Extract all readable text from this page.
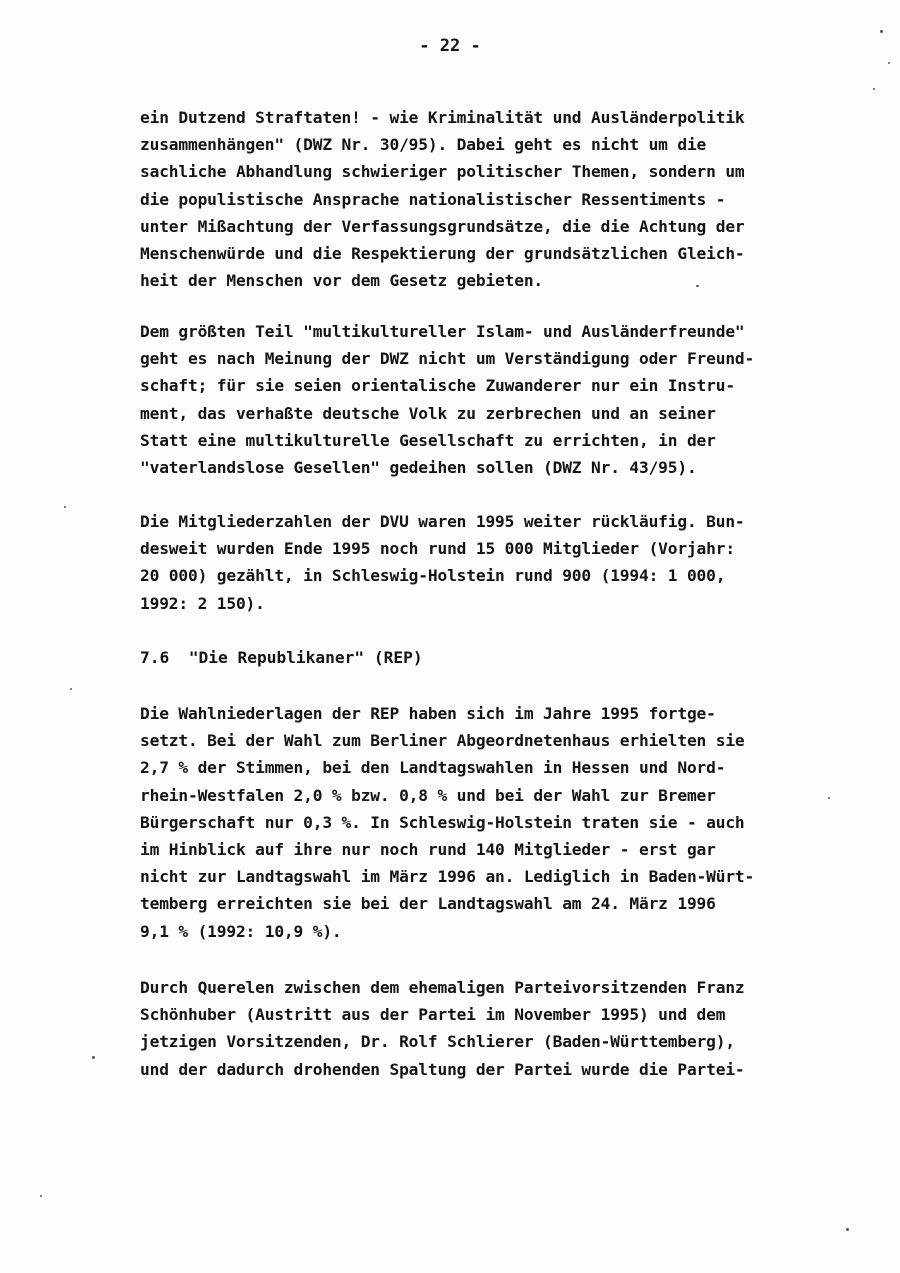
- 22 -
ein Dutzend Straftaten! - wie Kriminalität und Ausländerpolitik
zusammenhängen" (DWZ Nr. 30/95). Dabei geht es nicht um die
sachliche Abhandlung schwieriger politischer Themen, sondern um
die populistische Ansprache nationalistischer Ressentiments -
unter Mißachtung der Verfassungsgrundsätze, die die Achtung der
Menschenwürde und die Respektierung der grundsätzlichen Gleich-
heit der Menschen vor dem Gesetz gebieten.
Dem größten Teil "multikultureller Islam- und Ausländerfreunde"
geht es nach Meinung der DWZ nicht um Verständigung oder Freund-
schaft; für sie seien orientalische Zuwanderer nur ein Instru-
ment, das verhaßte deutsche Volk zu zerbrechen und an seiner
Statt eine multikulturelle Gesellschaft zu errichten, in der
"vaterlandslose Gesellen" gedeihen sollen (DWZ Nr. 43/95).
Die Mitgliederzahlen der DVU waren 1995 weiter rückläufig. Bun-
desweit wurden Ende 1995 noch rund 15 000 Mitglieder (Vorjahr:
20 000) gezählt, in Schleswig-Holstein rund 900 (1994: 1 000,
1992: 2 150).
7.6  "Die Republikaner" (REP)
Die Wahlniederlagen der REP haben sich im Jahre 1995 fortge-
setzt. Bei der Wahl zum Berliner Abgeordnetenhaus erhielten sie
2,7 % der Stimmen, bei den Landtagswahlen in Hessen und Nord-
rhein-Westfalen 2,0 % bzw. 0,8 % und bei der Wahl zur Bremer
Bürgerschaft nur 0,3 %. In Schleswig-Holstein traten sie - auch
im Hinblick auf ihre nur noch rund 140 Mitglieder - erst gar
nicht zur Landtagswahl im März 1996 an. Lediglich in Baden-Würt-
temberg erreichten sie bei der Landtagswahl am 24. März 1996
9,1 % (1992: 10,9 %).
Durch Querelen zwischen dem ehemaligen Parteivorsitzenden Franz
Schönhuber (Austritt aus der Partei im November 1995) und dem
jetzigen Vorsitzenden, Dr. Rolf Schlierer (Baden-Württemberg),
und der dadurch drohenden Spaltung der Partei wurde die Partei-
